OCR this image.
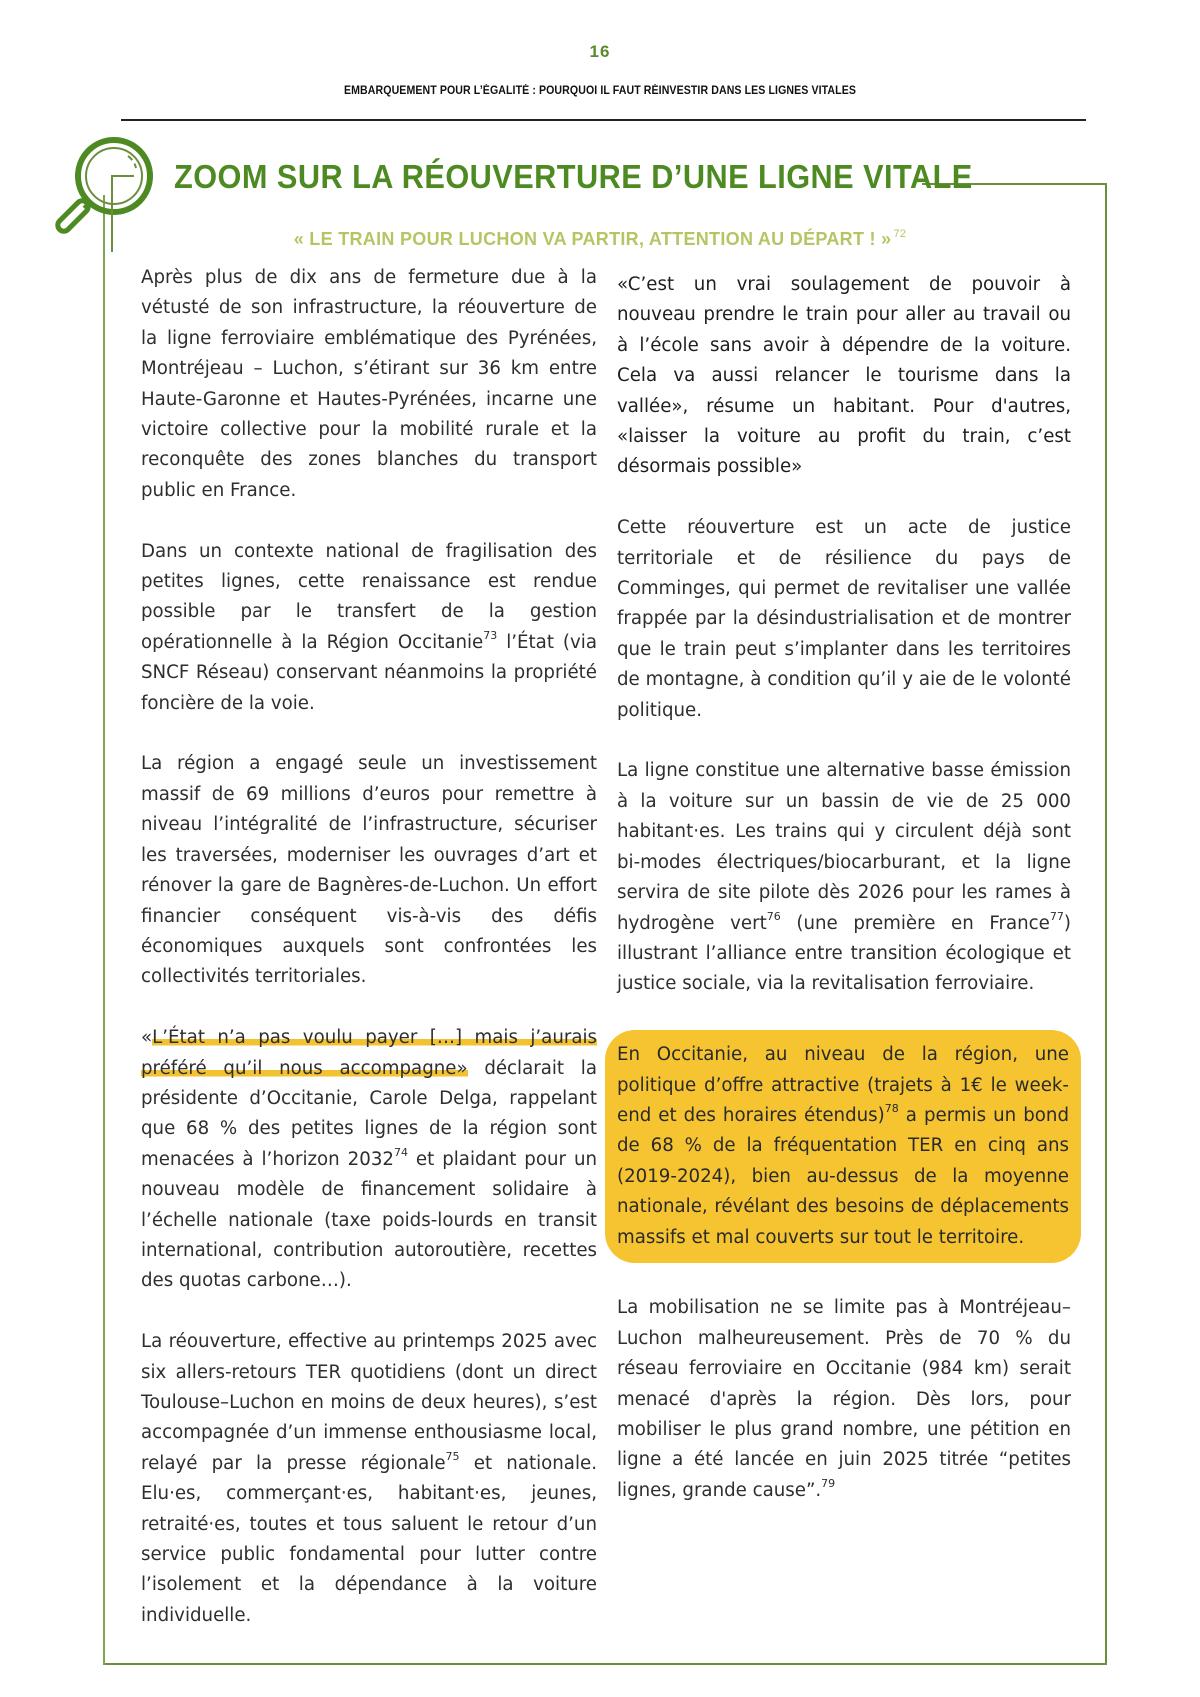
16
EMBARQUEMENT POUR L’ÉGALITÉ : POURQUOI IL FAUT RÉINVESTIR DANS LES LIGNES VITALES
ZOOM SUR LA RÉOUVERTURE D’UNE LIGNE VITALE
« LE TRAIN POUR LUCHON VA PARTIR, ATTENTION AU DÉPART ! » $^{72}$

Après plus de dix ans de fermeture due à la vétusté de son infrastructure, la réouverture de la ligne ferroviaire emblématique des Pyrénées, Montréjeau – Luchon, s’étirant sur 36 km entre Haute-Garonne et Hautes-Pyrénées, incarne une victoire collective pour la mobilité rurale et la reconquête des zones blanches du transport public en France.

Dans un contexte national de fragilisation des petites lignes, cette renaissance est rendue possible par le transfert de la gestion opérationnelle à la Région Occitanie$^{73}$ l’État (via SNCF Réseau) conservant néanmoins la propriété foncière de la voie.

La région a engagé seule un investissement massif de 69 millions d’euros pour remettre à niveau l’intégralité de l’infrastructure, sécuriser les traversées, moderniser les ouvrages d’art et rénover la gare de Bagnères-de-Luchon. Un effort financier conséquent vis-à-vis des défis économiques auxquels sont confrontées les collectivités territoriales.

«L’État n’a pas voulu payer […] mais j’aurais préféré qu’il nous accompagne» déclarait la présidente d’Occitanie, Carole Delga, rappelant que 68 % des petites lignes de la région sont menacées à l’horizon 2032$^{74}$ et plaidant pour un nouveau modèle de financement solidaire à l’échelle nationale (taxe poids-lourds en transit international, contribution autoroutière, recettes des quotas carbone…).

La réouverture, effective au printemps 2025 avec six allers-retours TER quotidiens (dont un direct Toulouse–Luchon en moins de deux heures), s’est accompagnée d’un immense enthousiasme local, relayé par la presse régionale$^{75}$ et nationale. Elu·es, commerçant·es, habitant·es, jeunes, retraité·es, toutes et tous saluent le retour d’un service public fondamental pour lutter contre l’isolement et la dépendance à la voiture individuelle.

«C’est un vrai soulagement de pouvoir à nouveau prendre le train pour aller au travail ou à l’école sans avoir à dépendre de la voiture. Cela va aussi relancer le tourisme dans la vallée», résume un habitant. Pour d'autres, «laisser la voiture au profit du train, c’est désormais possible»

Cette réouverture est un acte de justice territoriale et de résilience du pays de Comminges, qui permet de revitaliser une vallée frappée par la désindustrialisation et de montrer que le train peut s’implanter dans les territoires de montagne, à condition qu’il y aie de le volonté politique.

La ligne constitue une alternative basse émission à la voiture sur un bassin de vie de 25 000 habitant·es. Les trains qui y circulent déjà sont bi-modes électriques/biocarburant, et la ligne servira de site pilote dès 2026 pour les rames à hydrogène vert$^{76}$ (une première en France$^{77}$) illustrant l’alliance entre transition écologique et justice sociale, via la revitalisation ferroviaire.

En Occitanie, au niveau de la région, une politique d’offre attractive (trajets à 1€ le week-end et des horaires étendus)$^{78}$ a permis un bond de 68 % de la fréquentation TER en cinq ans (2019-2024), bien au-dessus de la moyenne nationale, révélant des besoins de déplacements massifs et mal couverts sur tout le territoire.

La mobilisation ne se limite pas à Montréjeau–Luchon malheureusement. Près de 70 % du réseau ferroviaire en Occitanie (984 km) serait menacé d'après la région. Dès lors, pour mobiliser le plus grand nombre, une pétition en ligne a été lancée en juin 2025 titrée “petites lignes, grande cause”.$^{79}$
